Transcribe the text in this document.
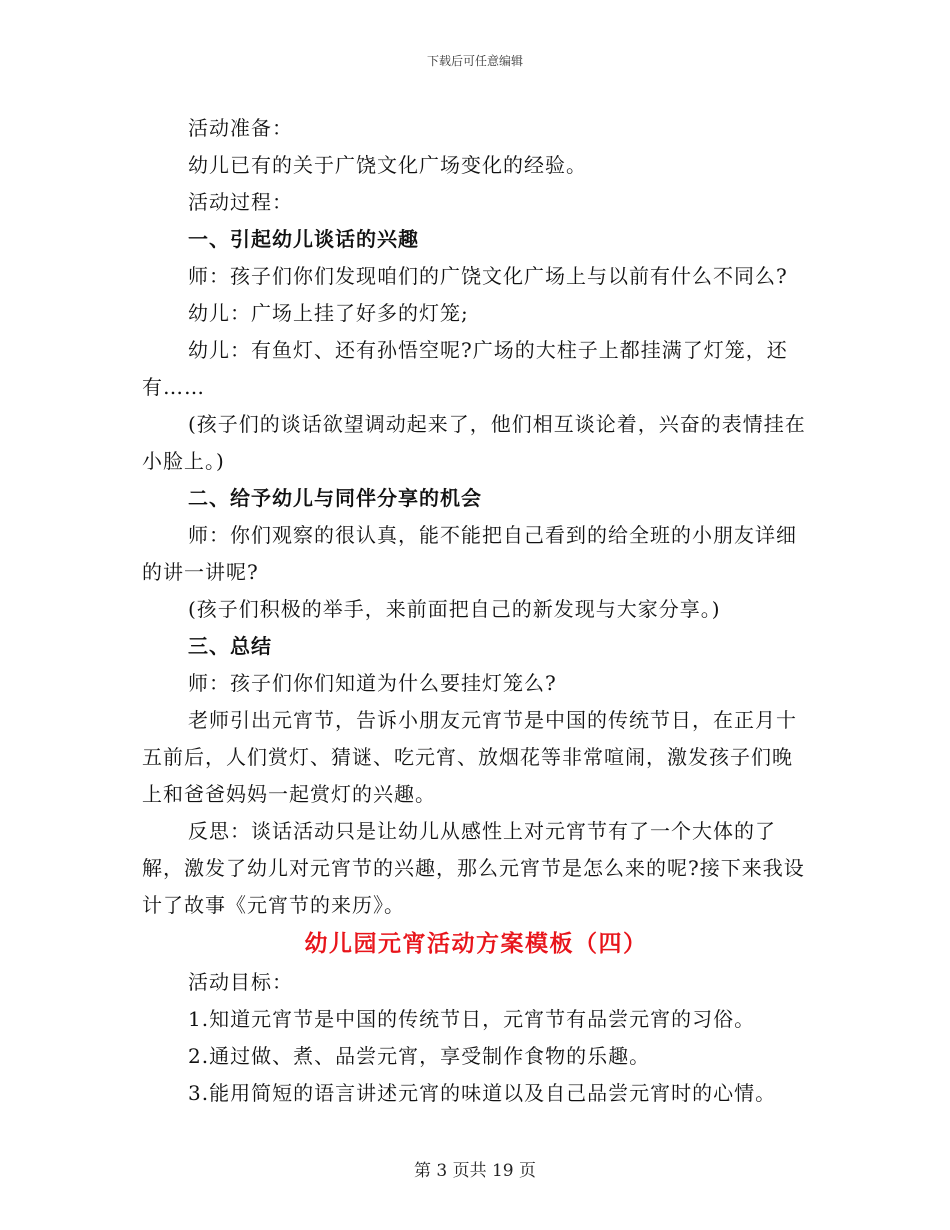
下载后可任意编辑

活动准备：

幼儿已有的关于广饶文化广场变化的经验。

活动过程：

一、引起幼儿谈话的兴趣

师：孩子们你们发现咱们的广饶文化广场上与以前有什么不同么?

幼儿：广场上挂了好多的灯笼;

幼儿：有鱼灯、还有孙悟空呢?广场的大柱子上都挂满了灯笼，还有……

(孩子们的谈话欲望调动起来了，他们相互谈论着，兴奋的表情挂在小脸上。)

二、给予幼儿与同伴分享的机会

师：你们观察的很认真，能不能把自己看到的给全班的小朋友详细的讲一讲呢?

(孩子们积极的举手，来前面把自己的新发现与大家分享。)

三、总结

师：孩子们你们知道为什么要挂灯笼么?

老师引出元宵节，告诉小朋友元宵节是中国的传统节日，在正月十五前后，人们赏灯、猜谜、吃元宵、放烟花等非常喧闹，激发孩子们晚上和爸爸妈妈一起赏灯的兴趣。

反思：谈话活动只是让幼儿从感性上对元宵节有了一个大体的了解，激发了幼儿对元宵节的兴趣，那么元宵节是怎么来的呢?接下来我设计了故事《元宵节的来历》。

幼儿园元宵活动方案模板（四）

活动目标：

1.知道元宵节是中国的传统节日，元宵节有品尝元宵的习俗。

2.通过做、煮、品尝元宵，享受制作食物的乐趣。

3.能用简短的语言讲述元宵的味道以及自己品尝元宵时的心情。

第 3 页共 19 页
